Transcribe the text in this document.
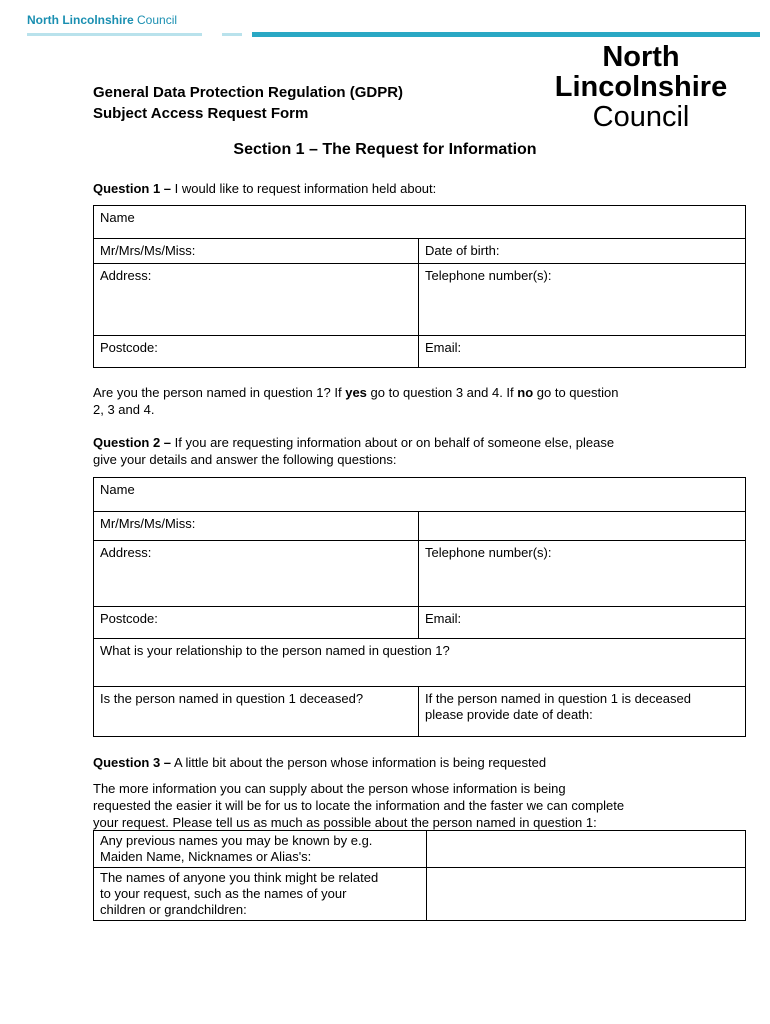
North Lincolnshire Council
North
Lincolnshire
Council
General Data Protection Regulation (GDPR)
Subject Access Request Form
Section 1 – The Request for Information
Question 1 – I would like to request information held about:
Name	
Mr/Mrs/Ms/Miss:	Date of birth:
Address:	Telephone number(s):
Postcode:	Email:
Are you the person named in question 1? If yes go to question 3 and 4. If no go to question
2, 3 and 4.
Question 2 – If you are requesting information about or on behalf of someone else, please
give your details and answer the following questions:
Name	
Mr/Mrs/Ms/Miss:	
Address:	Telephone number(s):
Postcode:	Email:
What is your relationship to the person named in question 1?	
Is the person named in question 1 deceased?	If the person named in question 1 is deceased
please provide date of death:
Question 3 – A little bit about the person whose information is being requested
The more information you can supply about the person whose information is being
requested the easier it will be for us to locate the information and the faster we can complete
your request. Please tell us as much as possible about the person named in question 1:
Any previous names you may be known by e.g.
Maiden Name, Nicknames or Alias's:	
The names of anyone you think might be related
to your request, such as the names of your
children or grandchildren:	
